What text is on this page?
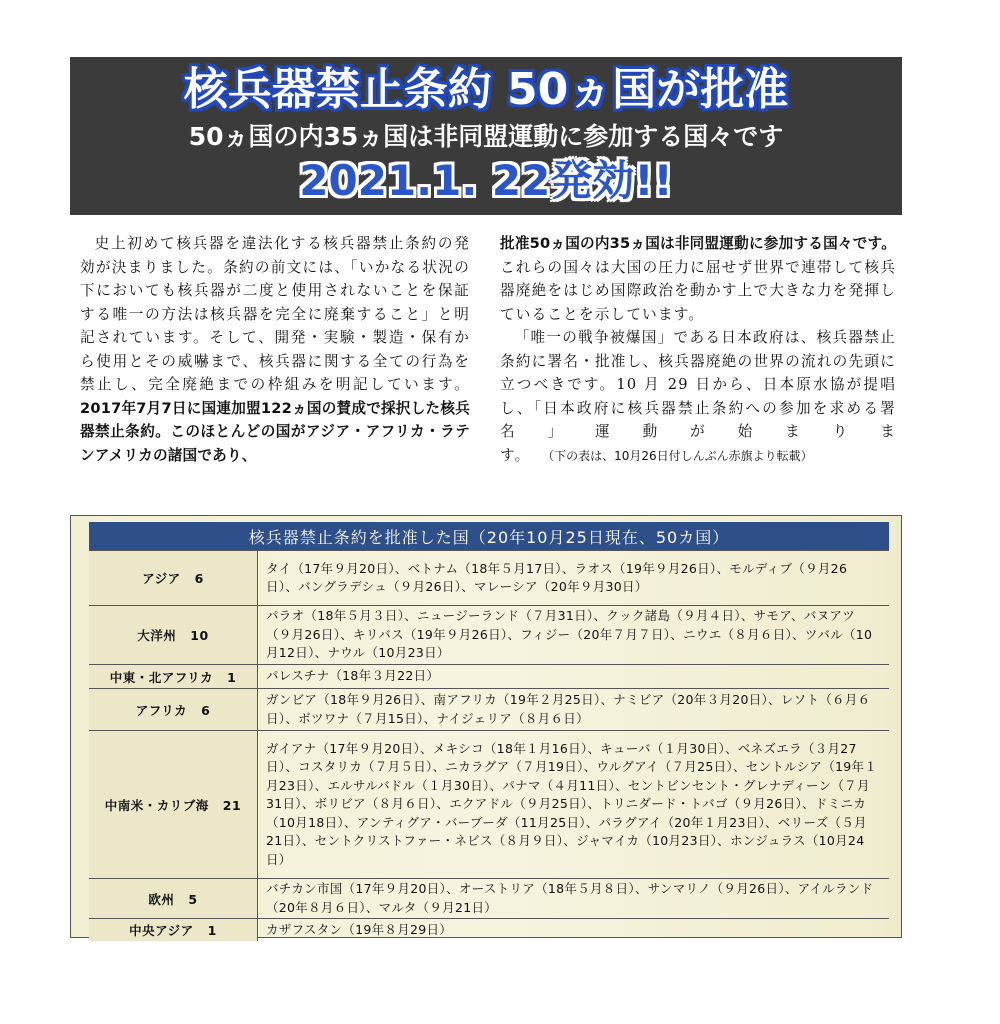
核兵器禁止条約 50ヵ国が批准
50ヵ国の内35ヵ国は非同盟運動に参加する国々です
2021.1. 22発効!!

史上初めて核兵器を違法化する核兵器禁止条約の発効が決まりました。条約の前文には、「いかなる状況の下においても核兵器が二度と使用されないことを保証する唯一の方法は核兵器を完全に廃棄すること」と明記されています。そして、開発・実験・製造・保有から使用とその威嚇まで、核兵器に関する全ての行為を禁止し、完全廃絶までの枠組みを明記しています。2017年7月7日に国連加盟122ヵ国の賛成で採択した核兵器禁止条約。このほとんどの国がアジア・アフリカ・ラテンアメリカの諸国であり、

批准50ヵ国の内35ヵ国は非同盟運動に参加する国々です。これらの国々は大国の圧力に屈せず世界で連帯して核兵器廃絶をはじめ国際政治を動かす上で大きな力を発揮していることを示しています。

「唯一の戦争被爆国」である日本政府は、核兵器禁止条約に署名・批准し、核兵器廃絶の世界の流れの先頭に立つべきです。10 月 29 日から、日本原水協が提唱し、「日本政府に核兵器禁止条約への参加を求める署名」運動が始まります。 （下の表は、10月26日付しんぶん赤旗より転載）

核兵器禁止条約を批准した国（20年10月25日現在、50カ国）	
アジア 6	タイ（17年９月20日）、ベトナム（18年５月17日）、ラオス（19年９月26日）、モルディブ（９月26日）、バングラデシュ（９月26日）、マレーシア（20年９月30日）
大洋州 10	パラオ（18年５月３日）、ニュージーランド（７月31日）、クック諸島（９月４日）、サモア、バヌアツ（９月26日）、キリバス（19年９月26日）、フィジー（20年７月７日）、ニウエ（８月６日）、ツバル（10月12日）、ナウル（10月23日）
中東・北アフリカ 1	パレスチナ（18年３月22日）
アフリカ 6	ガンビア（18年９月26日）、南アフリカ（19年２月25日）、ナミビア（20年３月20日）、レソト（６月６日）、ボツワナ（７月15日）、ナイジェリア（８月６日）
中南米・カリブ海 21	ガイアナ（17年９月20日）、メキシコ（18年１月16日）、キューバ（１月30日）、ベネズエラ（３月27日）、コスタリカ（７月５日）、ニカラグア（７月19日）、ウルグアイ（７月25日）、セントルシア（19年１月23日）、エルサルバドル（１月30日）、パナマ（４月11日）、セントビンセント・グレナディーン（７月31日）、ボリビア（８月６日）、エクアドル（９月25日）、トリニダード・トバゴ（９月26日）、ドミニカ（10月18日）、アンティグア・バーブーダ（11月25日）、パラグアイ（20年１月23日）、ベリーズ（５月21日）、セントクリストファー・ネビス（８月９日）、ジャマイカ（10月23日）、ホンジュラス（10月24日）
欧州 5	バチカン市国（17年９月20日）、オーストリア（18年５月８日）、サンマリノ（９月26日）、アイルランド（20年８月６日）、マルタ（９月21日）
中央アジア 1	カザフスタン（19年８月29日）
